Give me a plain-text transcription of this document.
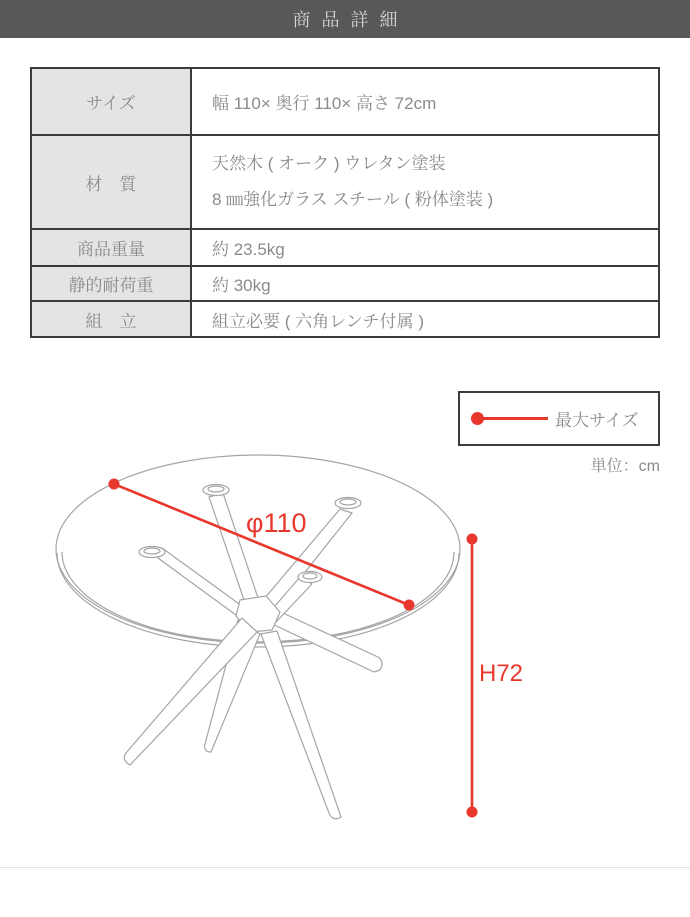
商品詳細
サイズ	幅 110× 奥行 110× 高さ 72cm
材　質	天然木 ( オーク ) ウレタン塗装
8 ㎜強化ガラス スチール ( 粉体塗装 )

商品重量	約 23.5kg
静的耐荷重	約 30kg
組　立	組立必要 ( 六角レンチ付属 )
最大サイズ
単位：cm
φ110
H72
